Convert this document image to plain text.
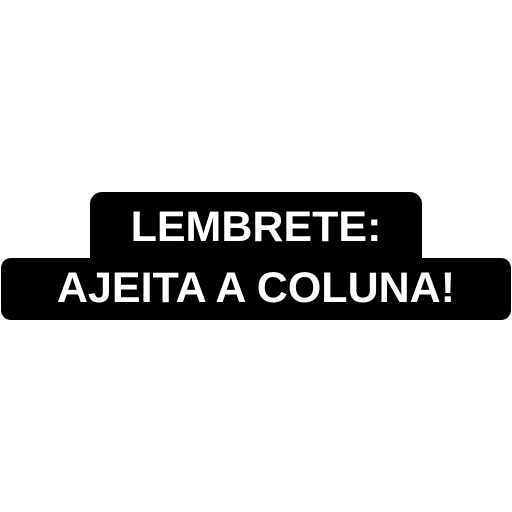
LEMBRETE:
AJEITA A COLUNA!
